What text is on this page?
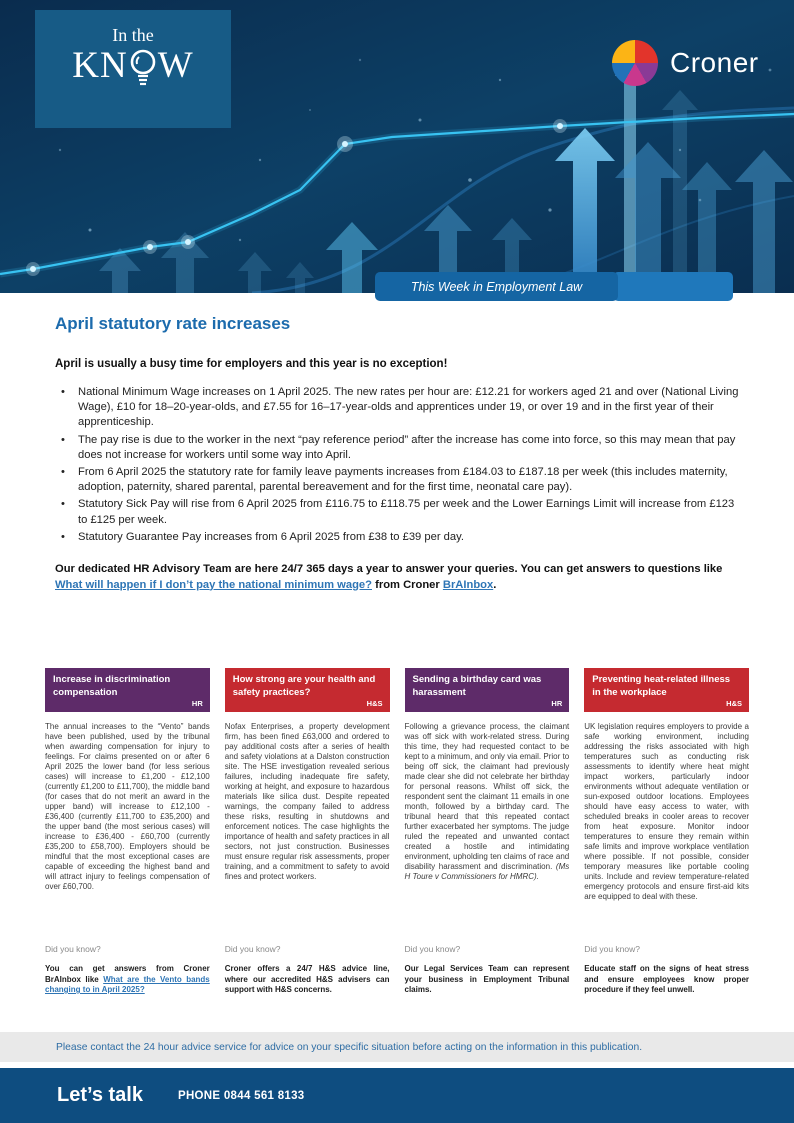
In the
KN W	Croner
This Week in Employment Law
April statutory rate increases
April is usually a busy time for employers and this year is no exception!
• National Minimum Wage increases on 1 April 2025. The new rates per hour are: £12.21 for workers aged 21 and over (National Living Wage), £10 for 18–20-year-olds, and £7.55 for 16–17-year-olds and apprentices under 19, or over 19 and in the first year of their apprenticeship.
• The pay rise is due to the worker in the next “pay reference period” after the increase has come into force, so this may mean that pay does not increase for workers until some way into April.
• From 6 April 2025 the statutory rate for family leave payments increases from £184.03 to £187.18 per week (this includes maternity, adoption, paternity, shared parental, parental bereavement and for the first time, neonatal care pay).
• Statutory Sick Pay will rise from 6 April 2025 from £116.75 to £118.75 per week and the Lower Earnings Limit will increase from £123 to £125 per week.
• Statutory Guarantee Pay increases from 6 April 2025 from £38 to £39 per day.
Our dedicated HR Advisory Team are here 24/7 365 days a year to answer your queries. You can get answers to questions like What will happen if I don’t pay the national minimum wage? from Croner BrAInbox.
Increase in discrimination compensation
HR
The annual increases to the “Vento” bands have been published, used by the tribunal when awarding compensation for injury to feelings. For claims presented on or after 6 April 2025 the lower band (for less serious cases) will increase to £1,200 - £12,100 (currently £1,200 to £11,700), the middle band (for cases that do not merit an award in the upper band) will increase to £12,100 - £36,400 (currently £11,700 to £35,200) and the upper band (the most serious cases) will increase to £36,400 - £60,700 (currently £35,200 to £58,700). Employers should be mindful that the most exceptional cases are capable of exceeding the highest band and will attract injury to feelings compensation of over £60,700.
Did you know?
You can get answers from Croner BrAInbox like What are the Vento bands changing to in April 2025?
How strong are your health and safety practices?
H&S
Nofax Enterprises, a property development firm, has been fined £63,000 and ordered to pay additional costs after a series of health and safety violations at a Dalston construction site. The HSE investigation revealed serious failures, including inadequate fire safety, working at height, and exposure to hazardous materials like silica dust. Despite repeated warnings, the company failed to address these risks, resulting in shutdowns and enforcement notices. The case highlights the importance of health and safety practices in all sectors, not just construction. Businesses must ensure regular risk assessments, proper training, and a commitment to safety to avoid fines and protect workers.
Did you know?
Croner offers a 24/7 H&S advice line, where our accredited H&S advisers can support with H&S concerns.
Sending a birthday card was harassment
HR
Following a grievance process, the claimant was off sick with work-related stress. During this time, they had requested contact to be kept to a minimum, and only via email. Prior to being off sick, the claimant had previously made clear she did not celebrate her birthday for personal reasons. Whilst off sick, the respondent sent the claimant 11 emails in one month, followed by a birthday card. The tribunal heard that this repeated contact further exacerbated her symptoms. The judge ruled the repeated and unwanted contact created a hostile and intimidating environment, upholding ten claims of race and disability harassment and discrimination. (Ms H Toure v Commissioners for HMRC).
Did you know?
Our Legal Services Team can represent your business in Employment Tribunal claims.
Preventing heat-related illness in the workplace
H&S
UK legislation requires employers to provide a safe working environment, including addressing the risks associated with high temperatures such as conducting risk assessments to identify where heat might impact workers, particularly indoor environments without adequate ventilation or sun-exposed outdoor locations. Employees should have easy access to water, with scheduled breaks in cooler areas to recover from heat exposure. Monitor indoor temperatures to ensure they remain within safe limits and improve workplace ventilation where possible. If not possible, consider temporary measures like portable cooling units. Include and review temperature-related emergency protocols and ensure first-aid kits are equipped to deal with these.
Did you know?
Educate staff on the signs of heat stress and ensure employees know proper procedure if they feel unwell.
Please contact the 24 hour advice service for advice on your specific situation before acting on the information in this publication.
Let’s talk	PHONE 0844 561 8133
